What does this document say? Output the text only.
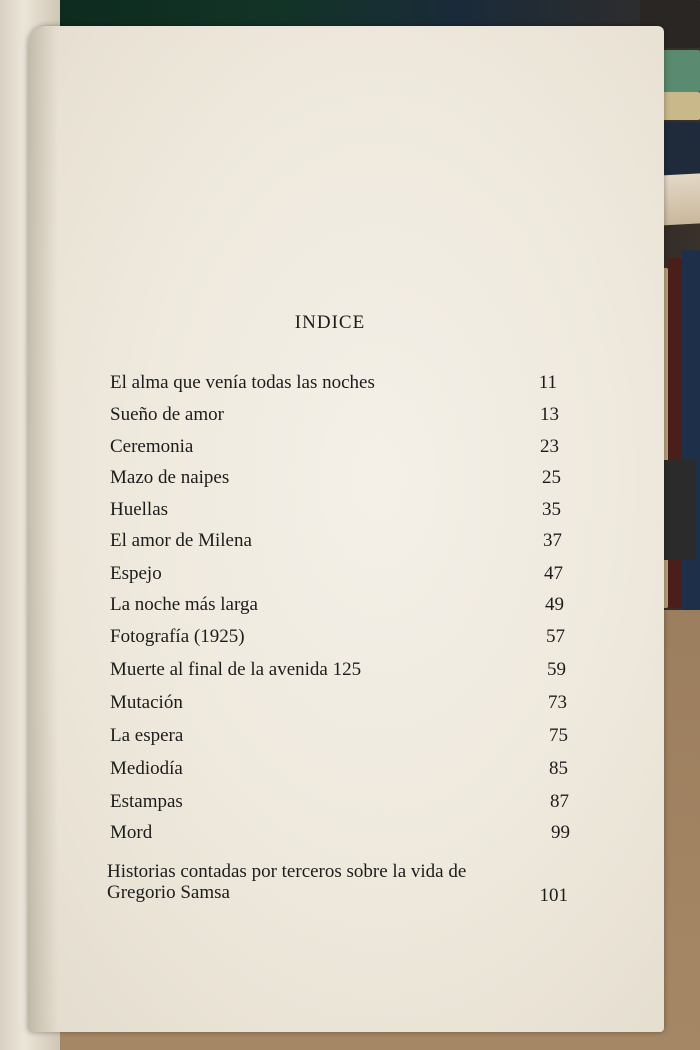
INDICE
El alma que venía todas las noches	11
Sueño de amor	13
Ceremonia	23
Mazo de naipes	25
Huellas	35
El amor de Milena	37
Espejo	47
La noche más larga	49
Fotografía (1925)	57
Muerte al final de la avenida 125	59
Mutación	73
La espera	75
Mediodía	85
Estampas	87
Mord	99
Historias contadas por terceros sobre la vida de Gregorio Samsa	101
